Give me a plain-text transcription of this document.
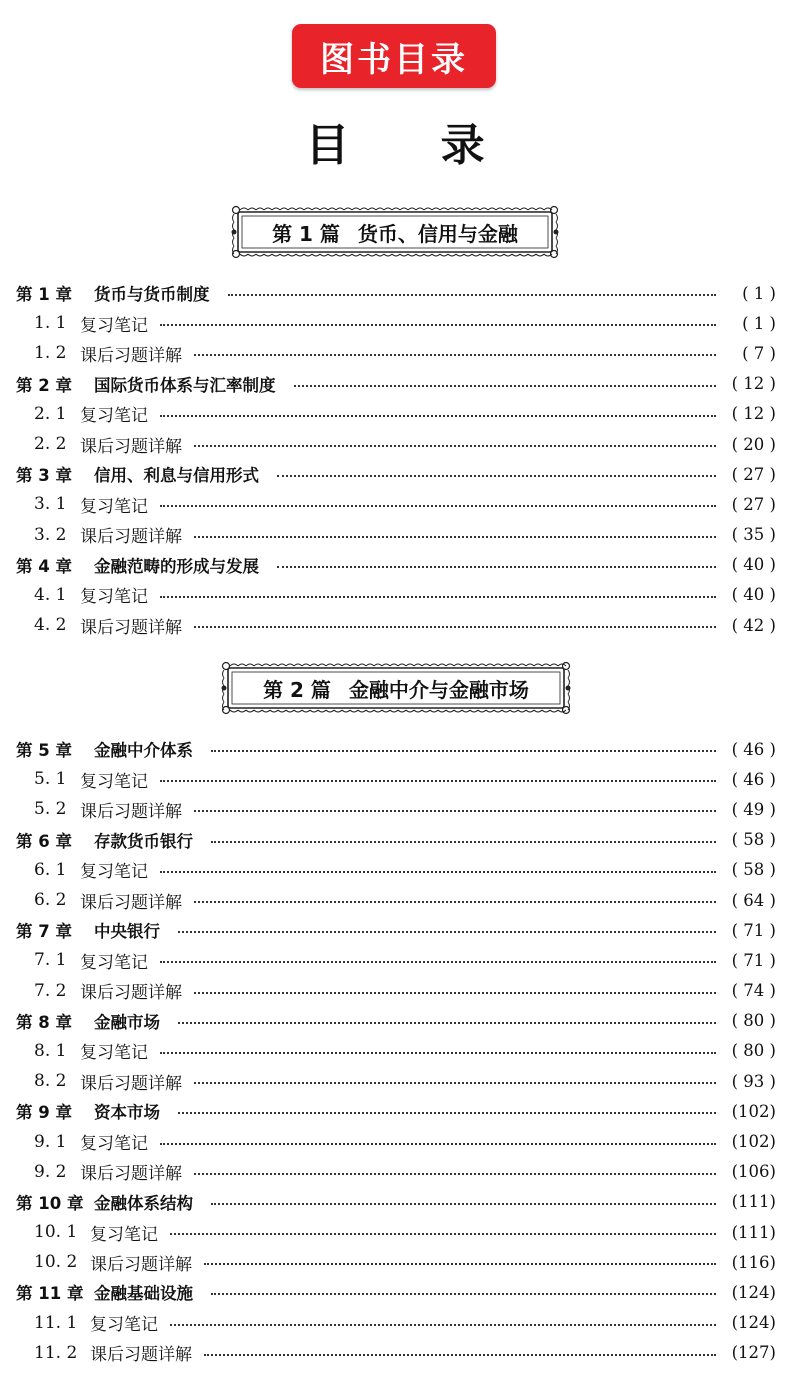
图书目录
目 录
第 1 篇 货币、信用与金融
第 1 章	货币与货币制度	( 1 )
1. 1 复习笔记	( 1 )
1. 2 课后习题详解	( 7 )
第 2 章	国际货币体系与汇率制度	( 12 )
2. 1 复习笔记	( 12 )
2. 2 课后习题详解	( 20 )
第 3 章	信用、利息与信用形式	( 27 )
3. 1 复习笔记	( 27 )
3. 2 课后习题详解	( 35 )
第 4 章	金融范畴的形成与发展	( 40 )
4. 1 复习笔记	( 40 )
4. 2 课后习题详解	( 42 )
第 2 篇 金融中介与金融市场
第 5 章	金融中介体系	( 46 )
5. 1 复习笔记	( 46 )
5. 2 课后习题详解	( 49 )
第 6 章	存款货币银行	( 58 )
6. 1 复习笔记	( 58 )
6. 2 课后习题详解	( 64 )
第 7 章	中央银行	( 71 )
7. 1 复习笔记	( 71 )
7. 2 课后习题详解	( 74 )
第 8 章	金融市场	( 80 )
8. 1 复习笔记	( 80 )
8. 2 课后习题详解	( 93 )
第 9 章	资本市场	(102)
9. 1 复习笔记	(102)
9. 2 课后习题详解	(106)
第 10 章 金融体系结构	(111)
10. 1 复习笔记	(111)
10. 2 课后习题详解	(116)
第 11 章 金融基础设施	(124)
11. 1 复习笔记	(124)
11. 2 课后习题详解	(127)
